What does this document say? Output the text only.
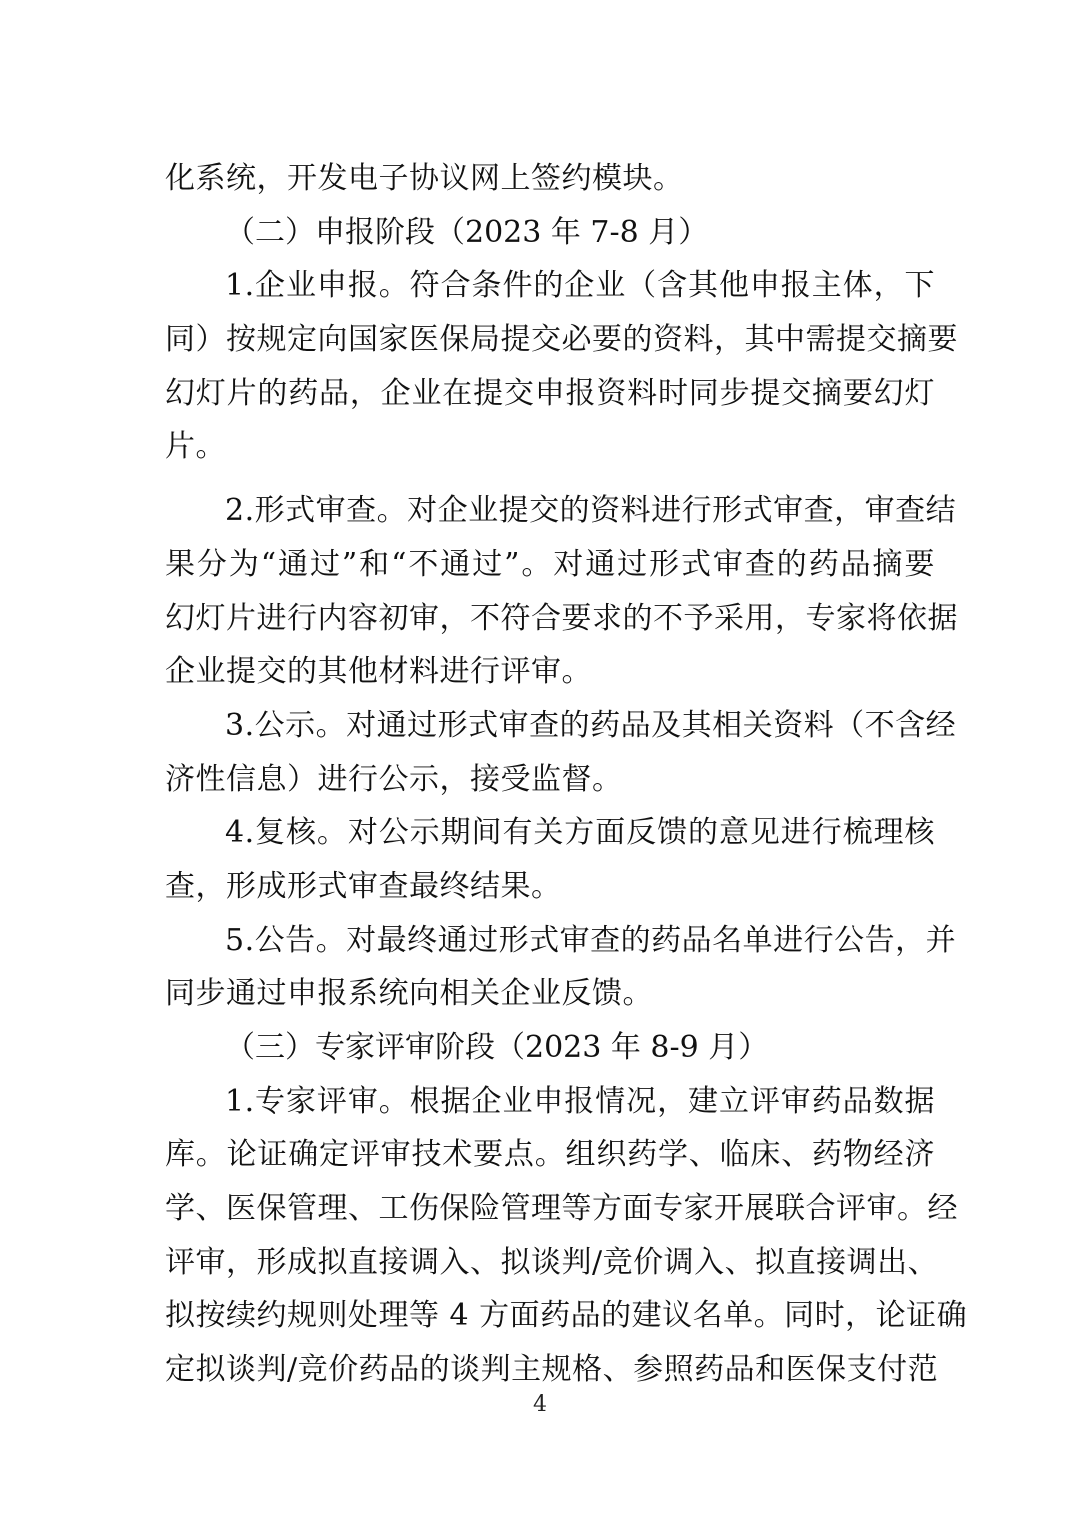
化系统，开发电子协议网上签约模块。
（二）申报阶段（2023 年 7-8 月）
1.企业申报。符合条件的企业（含其他申报主体，下
同）按规定向国家医保局提交必要的资料，其中需提交摘要
幻灯片的药品，企业在提交申报资料时同步提交摘要幻灯
片。
2.形式审查。对企业提交的资料进行形式审查，审查结
果分为“通过”和“不通过”。对通过形式审查的药品摘要
幻灯片进行内容初审，不符合要求的不予采用，专家将依据
企业提交的其他材料进行评审。
3.公示。对通过形式审查的药品及其相关资料（不含经
济性信息）进行公示，接受监督。
4.复核。对公示期间有关方面反馈的意见进行梳理核
查，形成形式审查最终结果。
5.公告。对最终通过形式审查的药品名单进行公告，并
同步通过申报系统向相关企业反馈。
（三）专家评审阶段（2023 年 8-9 月）
1.专家评审。根据企业申报情况，建立评审药品数据
库。论证确定评审技术要点。组织药学、临床、药物经济
学、医保管理、工伤保险管理等方面专家开展联合评审。经
评审，形成拟直接调入、拟谈判/竞价调入、拟直接调出、
拟按续约规则处理等 4 方面药品的建议名单。同时，论证确
定拟谈判/竞价药品的谈判主规格、参照药品和医保支付范
4
